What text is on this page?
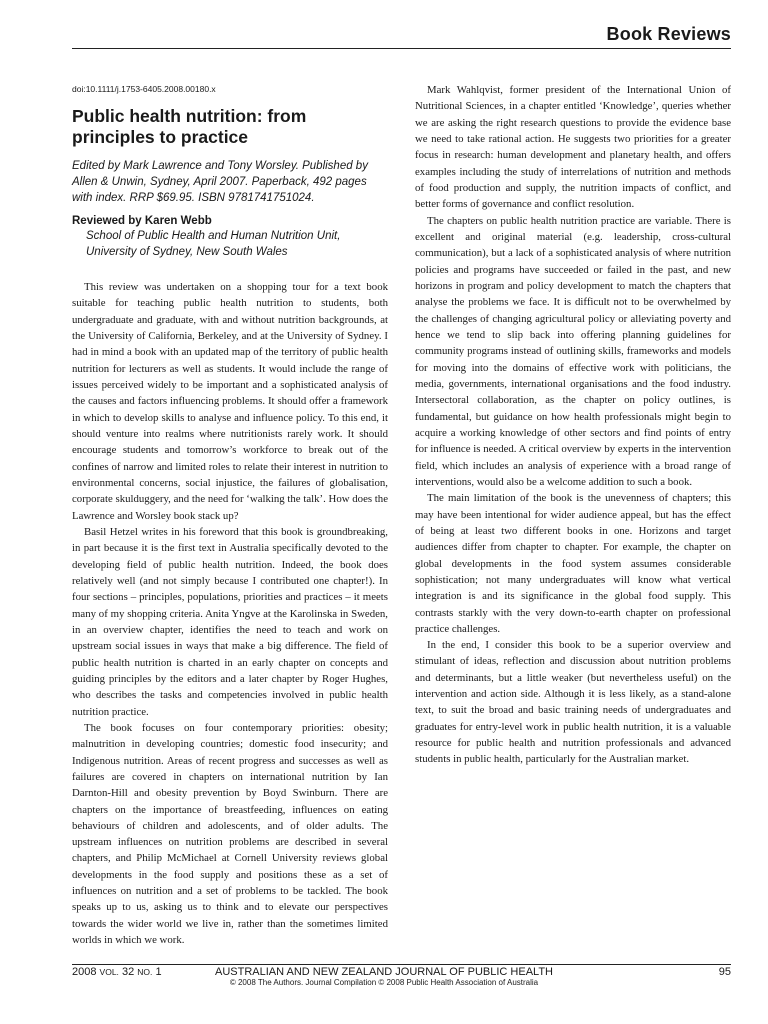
Book Reviews
doi:10.1111/j.1753-6405.2008.00180.x
Public health nutrition: from principles to practice
Edited by Mark Lawrence and Tony Worsley. Published by Allen & Unwin, Sydney, April 2007. Paperback, 492 pages with index. RRP $69.95. ISBN 9781741751024.
Reviewed by Karen Webb
School of Public Health and Human Nutrition Unit, University of Sydney, New South Wales

This review was undertaken on a shopping tour for a text book suitable for teaching public health nutrition to students, both undergraduate and graduate, with and without nutrition backgrounds, at the University of California, Berkeley, and at the University of Sydney. I had in mind a book with an updated map of the territory of public health nutrition for lecturers as well as students. It would include the range of issues perceived widely to be important and a sophisticated analysis of the causes and factors influencing problems. It should offer a framework in which to develop skills to analyse and influence policy. To this end, it should venture into realms where nutritionists rarely work. It should encourage students and tomorrow’s workforce to break out of the confines of narrow and limited roles to relate their interest in nutrition to environmental concerns, social injustice, the failures of globalisation, corporate skulduggery, and the need for ‘walking the talk’. How does the Lawrence and Worsley book stack up?

Basil Hetzel writes in his foreword that this book is groundbreaking, in part because it is the first text in Australia specifically devoted to the developing field of public health nutrition. Indeed, the book does relatively well (and not simply because I contributed one chapter!). In four sections – principles, populations, priorities and practices – it meets many of my shopping criteria. Anita Yngve at the Karolinska in Sweden, in an overview chapter, identifies the need to teach and work on upstream social issues in ways that make a big difference. The field of public health nutrition is charted in an early chapter on concepts and guiding principles by the editors and a later chapter by Roger Hughes, who describes the tasks and competencies involved in public health nutrition practice.

The book focuses on four contemporary priorities: obesity; malnutrition in developing countries; domestic food insecurity; and Indigenous nutrition. Areas of recent progress and successes as well as failures are covered in chapters on international nutrition by Ian Darnton-Hill and obesity prevention by Boyd Swinburn. There are chapters on the importance of breastfeeding, influences on eating behaviours of children and adolescents, and of older adults. The upstream influences on nutrition problems are described in several chapters, and Philip McMichael at Cornell University reviews global developments in the food supply and positions these as a set of influences on nutrition and a set of problems to be tackled. The book speaks up to us, asking us to think and to elevate our perspectives towards the wider world we live in, rather than the sometimes limited worlds in which we work.

Mark Wahlqvist, former president of the International Union of Nutritional Sciences, in a chapter entitled ‘Knowledge’, queries whether we are asking the right research questions to provide the evidence base we need to take rational action. He suggests two priorities for a greater focus in research: human development and planetary health, and offers examples including the study of interrelations of nutrition and methods of food production and supply, the nutrition impacts of conflict, and better forms of governance and conflict resolution.

The chapters on public health nutrition practice are variable. There is excellent and original material (e.g. leadership, cross-cultural communication), but a lack of a sophisticated analysis of where nutrition policies and programs have succeeded or failed in the past, and new horizons in program and policy development to match the chapters that analyse the problems we face. It is difficult not to be overwhelmed by the challenges of changing agricultural policy or alleviating poverty and hence we tend to slip back into offering planning guidelines for community programs instead of outlining skills, frameworks and models for moving into the domains of effective work with politicians, the media, governments, international organisations and the food industry. Intersectoral collaboration, as the chapter on policy outlines, is fundamental, but guidance on how health professionals might begin to acquire a working knowledge of other sectors and find points of entry for influence is needed. A critical overview by experts in the intervention field, which includes an analysis of experience with a broad range of interventions, would also be a welcome addition to such a book.

The main limitation of the book is the unevenness of chapters; this may have been intentional for wider audience appeal, but has the effect of being at least two different books in one. Horizons and target audiences differ from chapter to chapter. For example, the chapter on global developments in the food system assumes considerable sophistication; not many undergraduates will know what vertical integration is and its significance in the global food supply. This contrasts starkly with the very down-to-earth chapter on professional practice challenges.

In the end, I consider this book to be a superior overview and stimulant of ideas, reflection and discussion about nutrition problems and determinants, but a little weaker (but nevertheless useful) on the intervention and action side. Although it is less likely, as a stand-alone text, to suit the broad and basic training needs of undergraduates and graduates for entry-level work in public health nutrition, it is a valuable resource for public health and nutrition professionals and advanced students in public health, particularly for the Australian market.

2008 VOL. 32 NO. 1	AUSTRALIAN AND NEW ZEALAND JOURNAL OF PUBLIC HEALTH	95
© 2008 The Authors. Journal Compilation © 2008 Public Health Association of Australia
